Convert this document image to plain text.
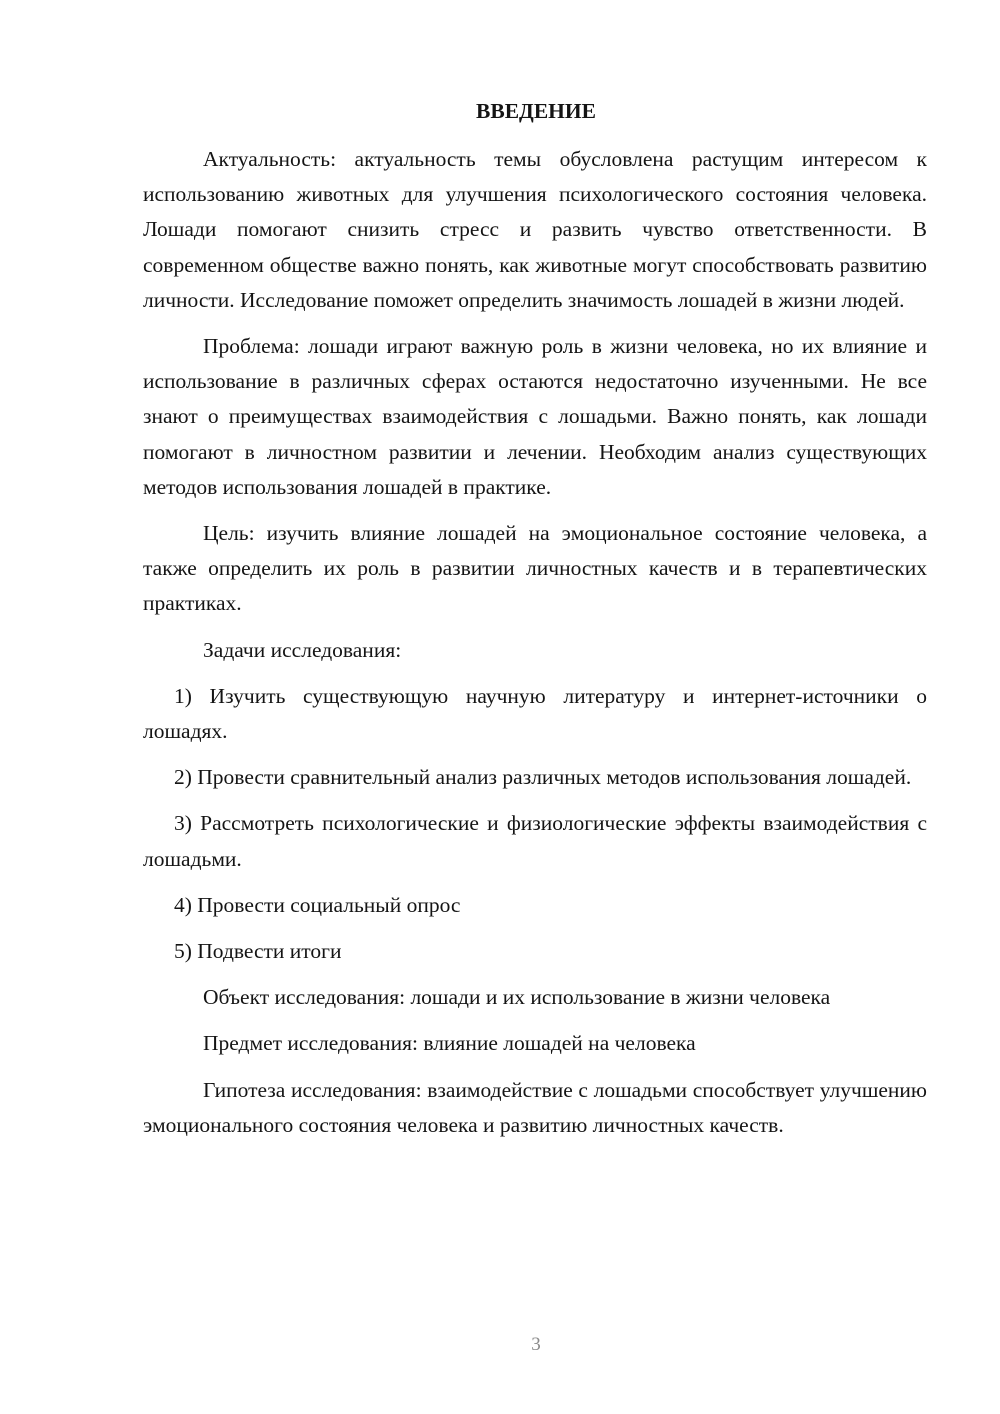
ВВЕДЕНИЕ

Актуальность: актуальность темы обусловлена растущим интересом к использованию животных для улучшения психологического состояния человека. Лошади помогают снизить стресс и развить чувство ответственности. В современном обществе важно понять, как животные могут способствовать развитию личности. Исследование поможет определить значимость лошадей в жизни людей.

Проблема: лошади играют важную роль в жизни человека, но их влияние и использование в различных сферах остаются недостаточно изученными. Не все знают о преимуществах взаимодействия с лошадьми. Важно понять, как лошади помогают в личностном развитии и лечении. Необходим анализ существующих методов использования лошадей в практике.

Цель: изучить влияние лошадей на эмоциональное состояние человека, а также определить их роль в развитии личностных качеств и в терапевтических практиках.

Задачи исследования:

1) Изучить существующую научную литературу и интернет-источники о лошадях.

2) Провести сравнительный анализ различных методов использования лошадей.

3) Рассмотреть психологические и физиологические эффекты взаимодействия с лошадьми.

4) Провести социальный опрос

5) Подвести итоги

Объект исследования: лошади и их использование в жизни человека

Предмет исследования: влияние лошадей на человека

Гипотеза исследования: взаимодействие с лошадьми способствует улучшению эмоционального состояния человека и развитию личностных качеств.

3
